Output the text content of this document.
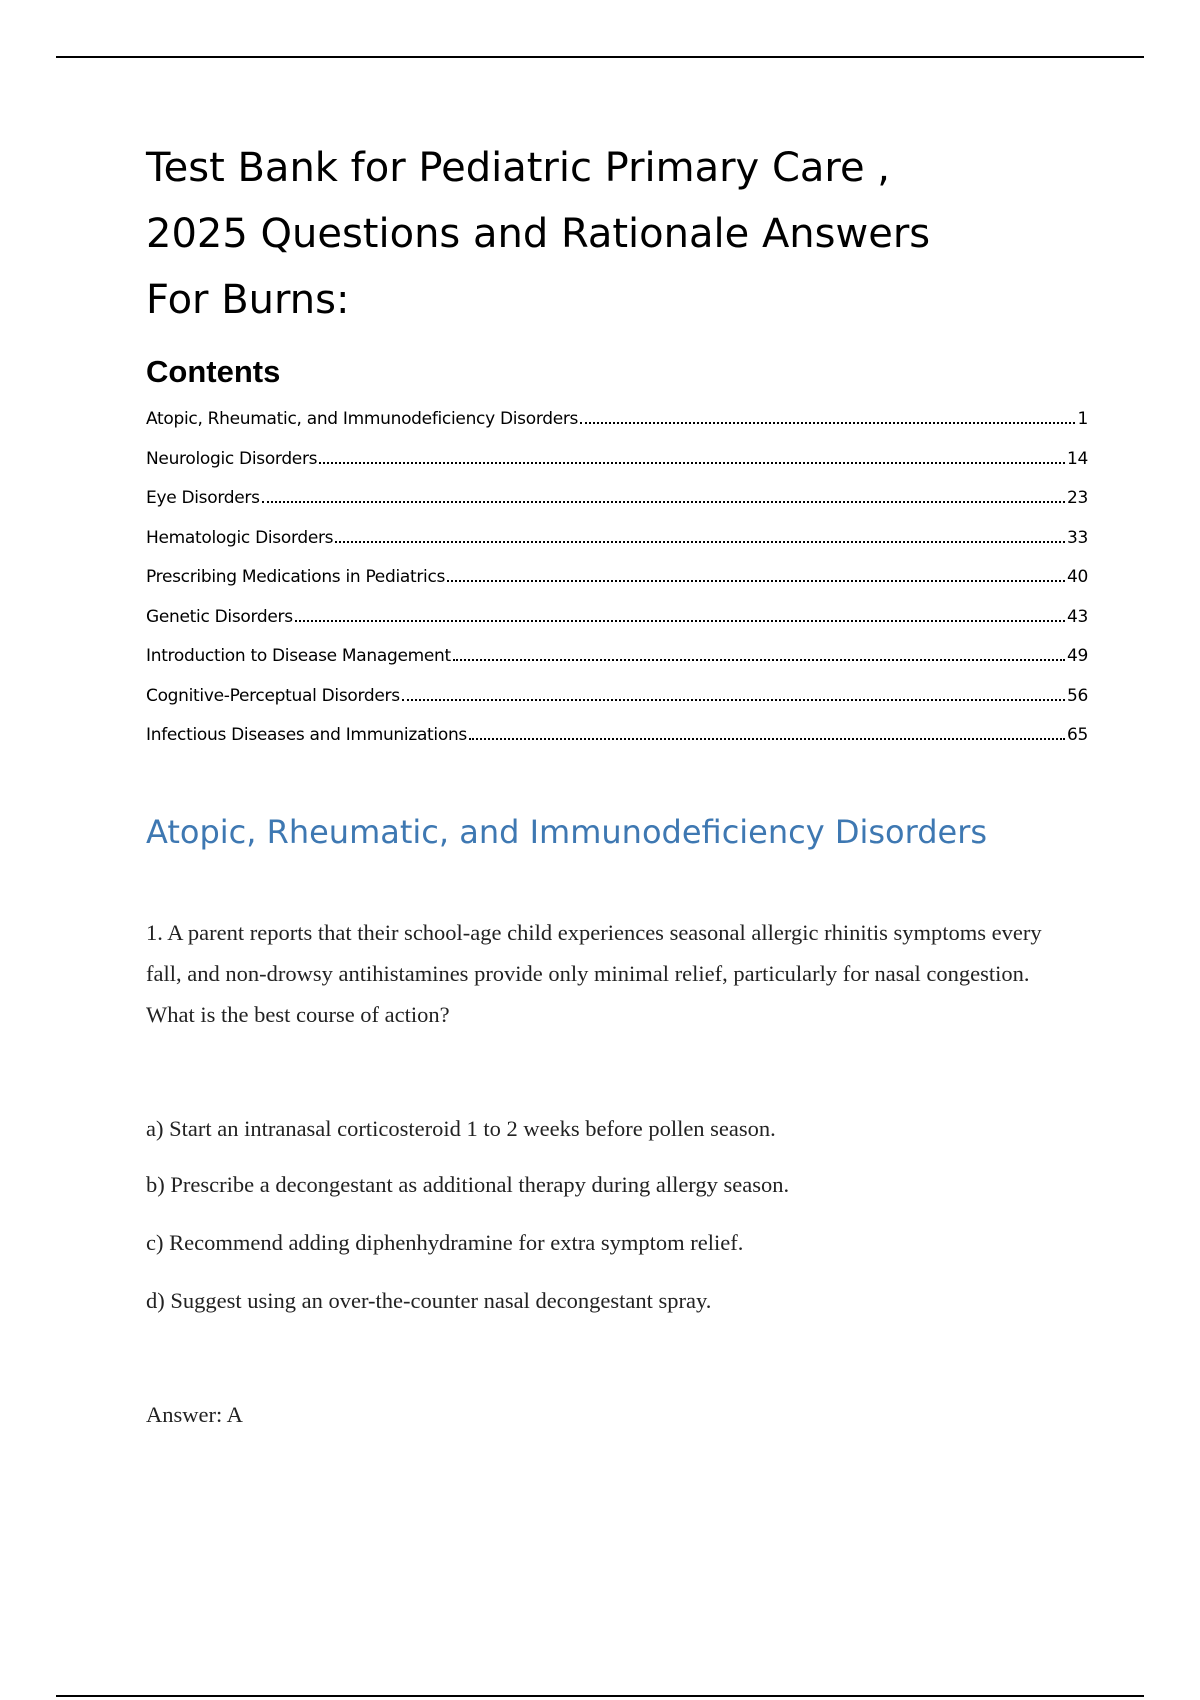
Test Bank for Pediatric Primary Care ,
2025 Questions and Rationale Answers
For Burns:
Contents
Atopic, Rheumatic, and Immunodeficiency Disorders	1
Neurologic Disorders	14
Eye Disorders	23
Hematologic Disorders	33
Prescribing Medications in Pediatrics	40
Genetic Disorders	43
Introduction to Disease Management	49
Cognitive-Perceptual Disorders	56
Infectious Diseases and Immunizations	65
Atopic, Rheumatic, and Immunodeficiency Disorders
1. A parent reports that their school-age child experiences seasonal allergic rhinitis symptoms every fall, and non-drowsy antihistamines provide only minimal relief, particularly for nasal congestion. What is the best course of action?
a) Start an intranasal corticosteroid 1 to 2 weeks before pollen season.
b) Prescribe a decongestant as additional therapy during allergy season.
c) Recommend adding diphenhydramine for extra symptom relief.
d) Suggest using an over-the-counter nasal decongestant spray.
Answer: A
